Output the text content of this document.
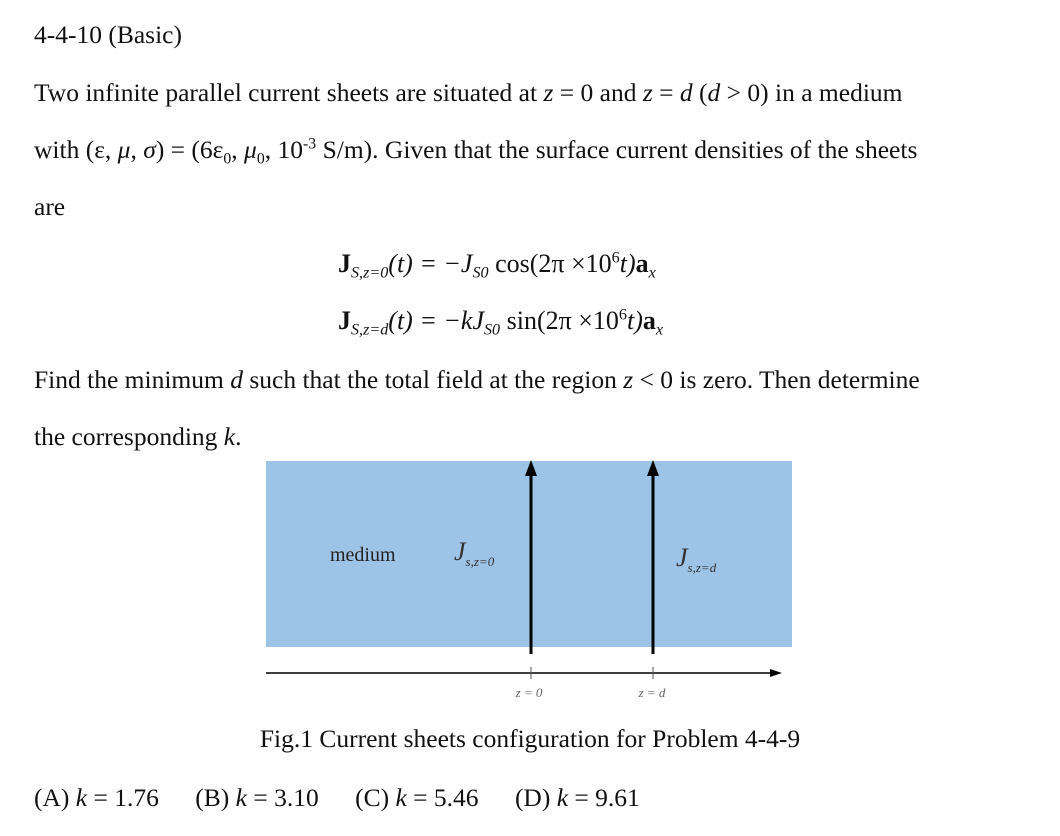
4-4-10 (Basic)
Two infinite parallel current sheets are situated at z = 0 and z = d (d > 0) in a medium
with (ε, μ, $\sigma) = (6\varepsilon_0$, $\mu_0$, $10^{-3}$ S/m). Given that the surface current densities of the sheets
are
$J_{S,z=0}(t) = -J_{S0}$ $\cos(2\pi \times 10^6t)a_x$
$J_{S,z=d}(t) = -kJ_{S0}$ $\sin(2\pi \times 10^6t)a_x$
Find the minimum d such that the total field at the region z < 0 is zero. Then determine
the corresponding k.
medium $J_{s,z=0}$	$J_{s,z=d}$
z = 0	z = d
Fig.1 Current sheets configuration for Problem 4-4-9
(A) k = 1.76 (B) k = 3.10 (C) k = 5.46 (D) k = 9.61
